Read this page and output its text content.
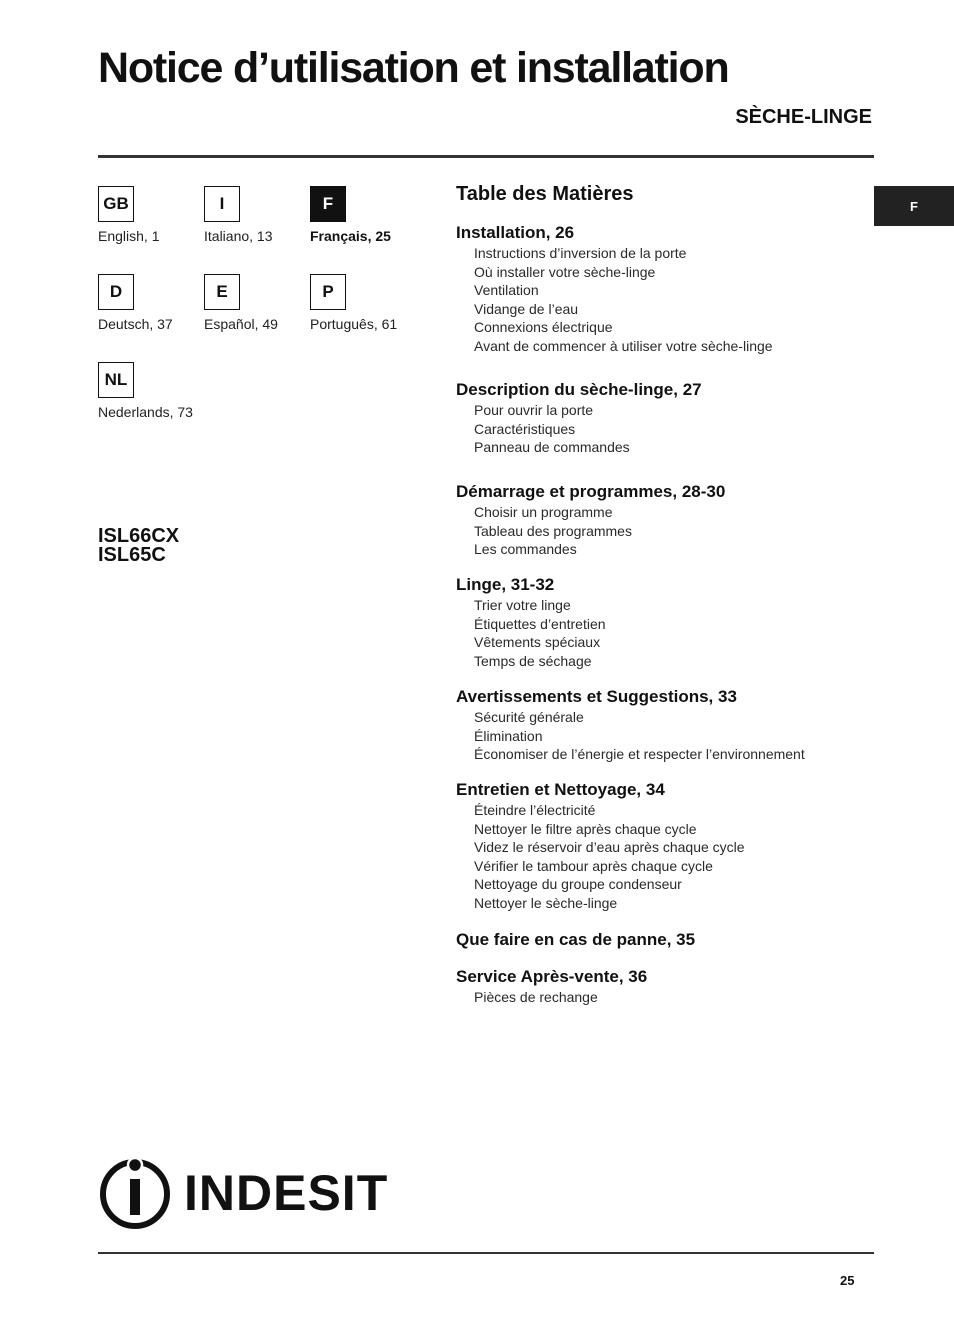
Notice d’utilisation et installation
SÈCHE-LINGE
GB
English, 1
I
Italiano, 13
F
Français, 25
D
Deutsch, 37
E
Español, 49
P
Português, 61
NL
Nederlands, 73
ISL66CX
ISL65C
F
Table des Matières
Installation, 26
Instructions d’inversion de la porte
Où installer votre sèche-linge
Ventilation
Vidange de l’eau
Connexions électrique
Avant de commencer à utiliser votre sèche-linge
Description du sèche-linge, 27
Pour ouvrir la porte
Caractéristiques
Panneau de commandes
Démarrage et programmes, 28-30
Choisir un programme
Tableau des programmes
Les commandes
Linge, 31-32
Trier votre linge
Étiquettes d’entretien
Vêtements spéciaux
Temps de séchage
Avertissements et Suggestions, 33
Sécurité générale
Élimination
Économiser de l’énergie et respecter l’environnement
Entretien et Nettoyage, 34
Éteindre l’électricité
Nettoyer le filtre après chaque cycle
Videz le réservoir d’eau après chaque cycle
Vérifier le tambour après chaque cycle
Nettoyage du groupe condenseur
Nettoyer le sèche-linge
Que faire en cas de panne, 35
Service Après-vente, 36
Pièces de rechange
INDESIT
25
